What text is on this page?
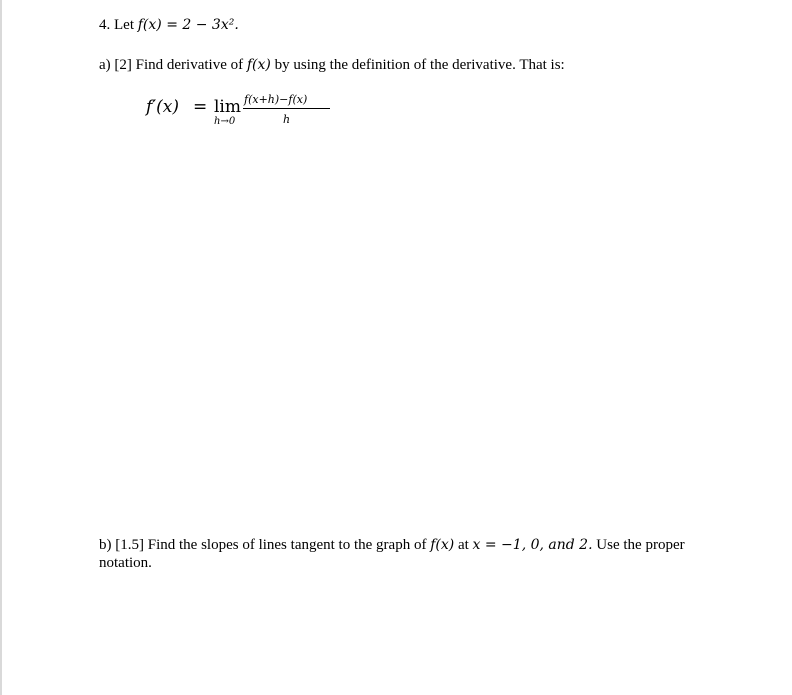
4. Let f(x) = 2 − 3x².
a) [2] Find derivative of f(x) by using the definition of the derivative. That is:
f′(x) = lim
h→0
f(x+h)−f(x)
h
b) [1.5] Find the slopes of lines tangent to the graph of f(x) at x = −1, 0, and 2. Use the proper
notation.
